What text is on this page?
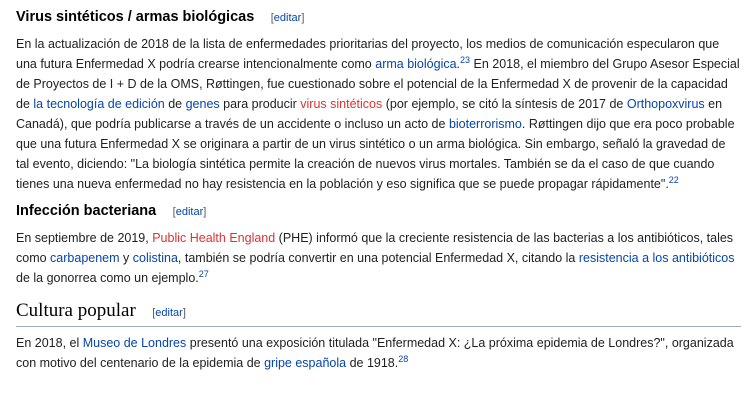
Virus sintéticos / armas biológicas [editar]

En la actualización de 2018 de la lista de enfermedades prioritarias del proyecto, los medios de comunicación especularon que una futura Enfermedad X podría crearse intencionalmente como arma biológica.$^{23}$ En 2018, el miembro del Grupo Asesor Especial de Proyectos de I + D de la OMS, Røttingen, fue cuestionado sobre el potencial de la Enfermedad X de provenir de la capacidad de la tecnología de edición de genes para producir virus sintéticos (por ejemplo, se citó la síntesis de 2017 de Orthopoxvirus en Canadá), que podría publicarse a través de un accidente o incluso un acto de bioterrorismo. Røttingen dijo que era poco probable que una futura Enfermedad X se originara a partir de un virus sintético o un arma biológica. Sin embargo, señaló la gravedad de tal evento, diciendo: "La biología sintética permite la creación de nuevos virus mortales. También se da el caso de que cuando tienes una nueva enfermedad no hay resistencia en la población y eso significa que se puede propagar rápidamente".$^{22}$

Infección bacteriana [editar]

En septiembre de 2019, Public Health England (PHE) informó que la creciente resistencia de las bacterias a los antibióticos, tales como carbapenem y colistina, también se podría convertir en una potencial Enfermedad X, citando la resistencia a los antibióticos de la gonorrea como un ejemplo.$^{27}$

Cultura popular [editar]

En 2018, el Museo de Londres presentó una exposición titulada "Enfermedad X: ¿La próxima epidemia de Londres?", organizada con motivo del centenario de la epidemia de gripe española de 1918.28
